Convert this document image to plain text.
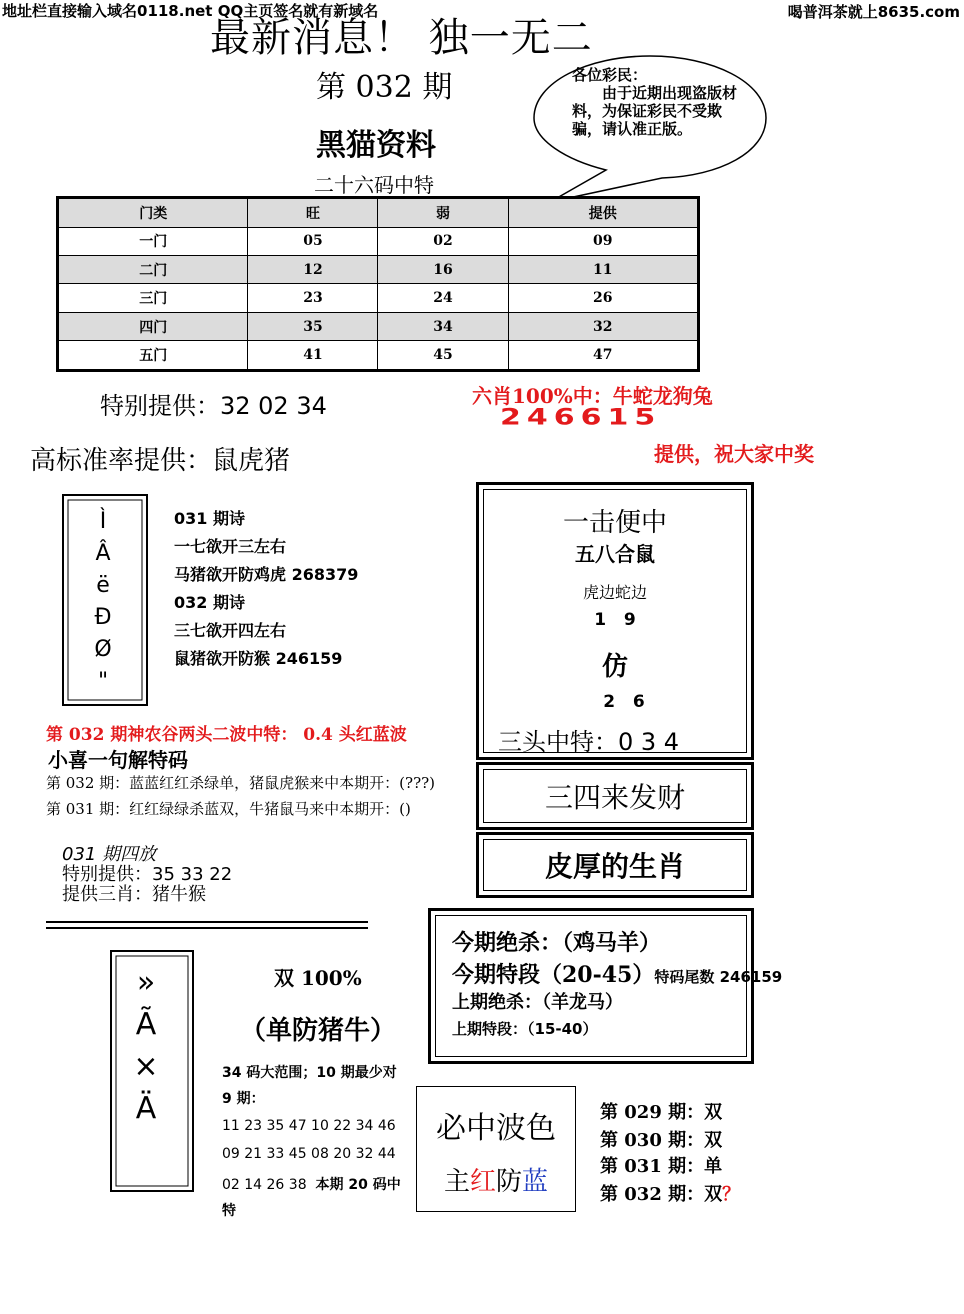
地址栏直接输入域名0118.net QQ主页签名就有新域名	喝普洱茶就上8635.com
最新消息！ 独一无二
第 032 期
黑猫资料
二十六码中特
各位彩民：
由于近期出现盗版材料，为保证彩民不受欺骗，请认准正版。
门类	旺	弱	提供
一门	05	02	09
二门	12	16	11
三门	23	24	26
四门	35	34	32
五门	41	45	47
特别提供：32 02 34	六肖100%中：牛蛇龙狗兔
246615
提供，祝大家中奖
高标准率提供：鼠虎猪
Ì
Â
ë
Ð
Ø
"
031 期诗
一七欲开三左右
马猪欲开防鸡虎 268379
032 期诗
三七欲开四左右
鼠猪欲开防猴 246159
第 032 期神农谷两头二波中特： 0.4 头红蓝波
小喜一句解特码
第 032 期：蓝蓝红红杀绿单，猪鼠虎猴来中本期开：(???)
第 031 期：红红绿绿杀蓝双，牛猪鼠马来中本期开：()
031 期四放
特别提供：35 33 22
提供三肖：猪牛猴
一击便中
五八合鼠
虎边蛇边
1   9
仿
2   6
三头中特：0 3 4
三四来发财
皮厚的生肖
今期绝杀：（鸡马羊）
今期特段（20-45）特码尾数 246159
上期绝杀：（羊龙马）
上期特段：（15-40）
»
Ã
×
Ä
双 100%
（单防猪牛）
34 码大范围；10 期最少对
9 期：
11 23 35 47 10 22 34 46
09 21 33 45 08 20 32 44
02 14 26 38 本期 20 码中
特
必中波色
主红防蓝
第 029 期：双
第 030 期：双
第 031 期：单
第 032 期：双？
